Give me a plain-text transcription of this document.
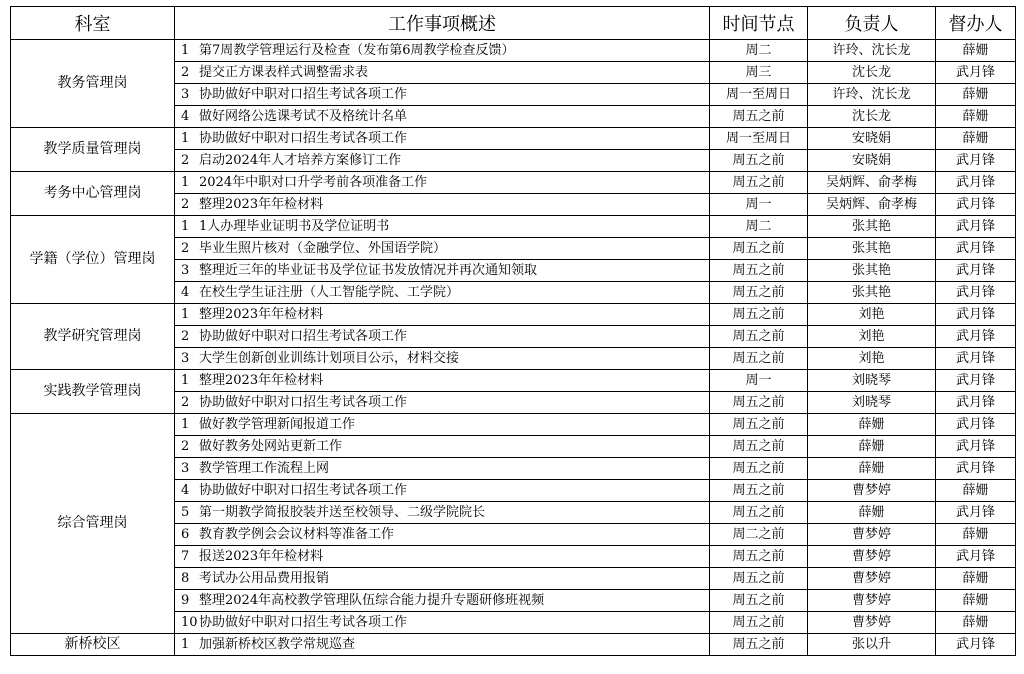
科室	工作事项概述	时间节点	负责人	督办人
教务管理岗	1 第7周教学管理运行及检查（发布第6周教学检查反馈）	周二	许玲、沈长龙	薛姗
	2 提交正方课表样式调整需求表	周三	沈长龙	武月锋
	3 协助做好中职对口招生考试各项工作	周一至周日	许玲、沈长龙	薛姗
	4 做好网络公选课考试不及格统计名单	周五之前	沈长龙	薛姗
教学质量管理岗	1 协助做好中职对口招生考试各项工作	周一至周日	安晓娟	薛姗
	2 启动2024年人才培养方案修订工作	周五之前	安晓娟	武月锋
考务中心管理岗	1 2024年中职对口升学考前各项准备工作	周五之前	吴炳辉、俞孝梅	武月锋
	2 整理2023年年检材料	周一	吴炳辉、俞孝梅	武月锋
学籍（学位）管理岗	1 1人办理毕业证明书及学位证明书	周二	张其艳	武月锋
	2 毕业生照片核对（金融学位、外国语学院）	周五之前	张其艳	武月锋
	3 整理近三年的毕业证书及学位证书发放情况并再次通知领取	周五之前	张其艳	武月锋
	4 在校生学生证注册（人工智能学院、工学院）	周五之前	张其艳	武月锋
教学研究管理岗	1 整理2023年年检材料	周五之前	刘艳	武月锋
	2 协助做好中职对口招生考试各项工作	周五之前	刘艳	武月锋
	3 大学生创新创业训练计划项目公示，材料交接	周五之前	刘艳	武月锋
实践教学管理岗	1 整理2023年年检材料	周一	刘晓琴	武月锋
	2 协助做好中职对口招生考试各项工作	周五之前	刘晓琴	武月锋
综合管理岗	1 做好教学管理新闻报道工作	周五之前	薛姗	武月锋
	2 做好教务处网站更新工作	周五之前	薛姗	武月锋
	3 教学管理工作流程上网	周五之前	薛姗	武月锋
	4 协助做好中职对口招生考试各项工作	周五之前	曹梦婷	薛姗
	5 第一期教学简报胶装并送至校领导、二级学院院长	周五之前	薛姗	武月锋
	6 教育教学例会会议材料等准备工作	周二之前	曹梦婷	薛姗
	7 报送2023年年检材料	周五之前	曹梦婷	武月锋
	8 考试办公用品费用报销	周五之前	曹梦婷	薛姗
	9 整理2024年高校教学管理队伍综合能力提升专题研修班视频	周五之前	曹梦婷	薛姗
	10协助做好中职对口招生考试各项工作	周五之前	曹梦婷	薛姗
新桥校区	1 加强新桥校区教学常规巡查	周五之前	张以升	武月锋
